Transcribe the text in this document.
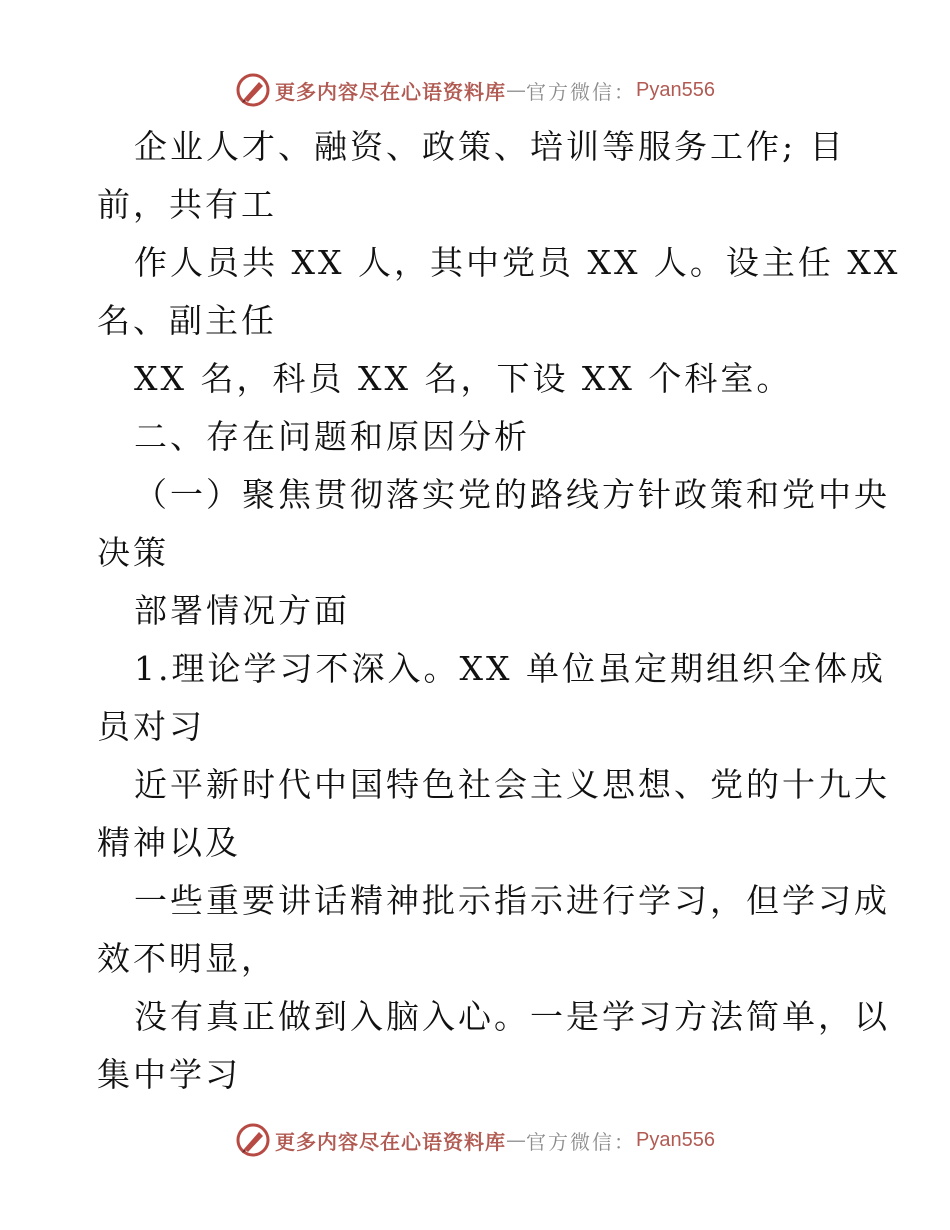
更多内容尽在心语资料库 — 官方微信： Pyan556
企业人才、融资、政策、培训等服务工作; 目
前，共有工
作人员共 XX 人，其中党员 XX 人。设主任 XX
名、副主任
XX 名，科员 XX 名，下设 XX 个科室。
二、存在问题和原因分析
（一）聚焦贯彻落实党的路线方针政策和党中央
决策
部署情况方面
1.理论学习不深入。XX 单位虽定期组织全体成
员对习
近平新时代中国特色社会主义思想、党的十九大
精神以及
一些重要讲话精神批示指示进行学习，但学习成
效不明显，
没有真正做到入脑入心。一是学习方法简单，以
集中学习
更多内容尽在心语资料库 — 官方微信： Pyan556
